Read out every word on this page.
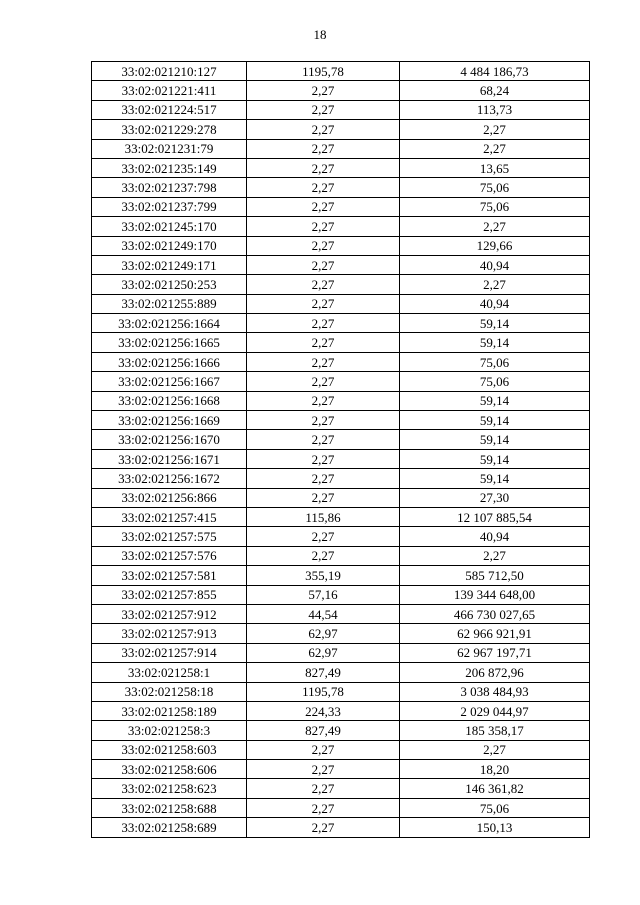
18
33:02:021210:127	1195,78	4 484 186,73
33:02:021221:411	2,27	68,24
33:02:021224:517	2,27	113,73
33:02:021229:278	2,27	2,27
33:02:021231:79	2,27	2,27
33:02:021235:149	2,27	13,65
33:02:021237:798	2,27	75,06
33:02:021237:799	2,27	75,06
33:02:021245:170	2,27	2,27
33:02:021249:170	2,27	129,66
33:02:021249:171	2,27	40,94
33:02:021250:253	2,27	2,27
33:02:021255:889	2,27	40,94
33:02:021256:1664	2,27	59,14
33:02:021256:1665	2,27	59,14
33:02:021256:1666	2,27	75,06
33:02:021256:1667	2,27	75,06
33:02:021256:1668	2,27	59,14
33:02:021256:1669	2,27	59,14
33:02:021256:1670	2,27	59,14
33:02:021256:1671	2,27	59,14
33:02:021256:1672	2,27	59,14
33:02:021256:866	2,27	27,30
33:02:021257:415	115,86	12 107 885,54
33:02:021257:575	2,27	40,94
33:02:021257:576	2,27	2,27
33:02:021257:581	355,19	585 712,50
33:02:021257:855	57,16	139 344 648,00
33:02:021257:912	44,54	466 730 027,65
33:02:021257:913	62,97	62 966 921,91
33:02:021257:914	62,97	62 967 197,71
33:02:021258:1	827,49	206 872,96
33:02:021258:18	1195,78	3 038 484,93
33:02:021258:189	224,33	2 029 044,97
33:02:021258:3	827,49	185 358,17
33:02:021258:603	2,27	2,27
33:02:021258:606	2,27	18,20
33:02:021258:623	2,27	146 361,82
33:02:021258:688	2,27	75,06
33:02:021258:689	2,27	150,13
